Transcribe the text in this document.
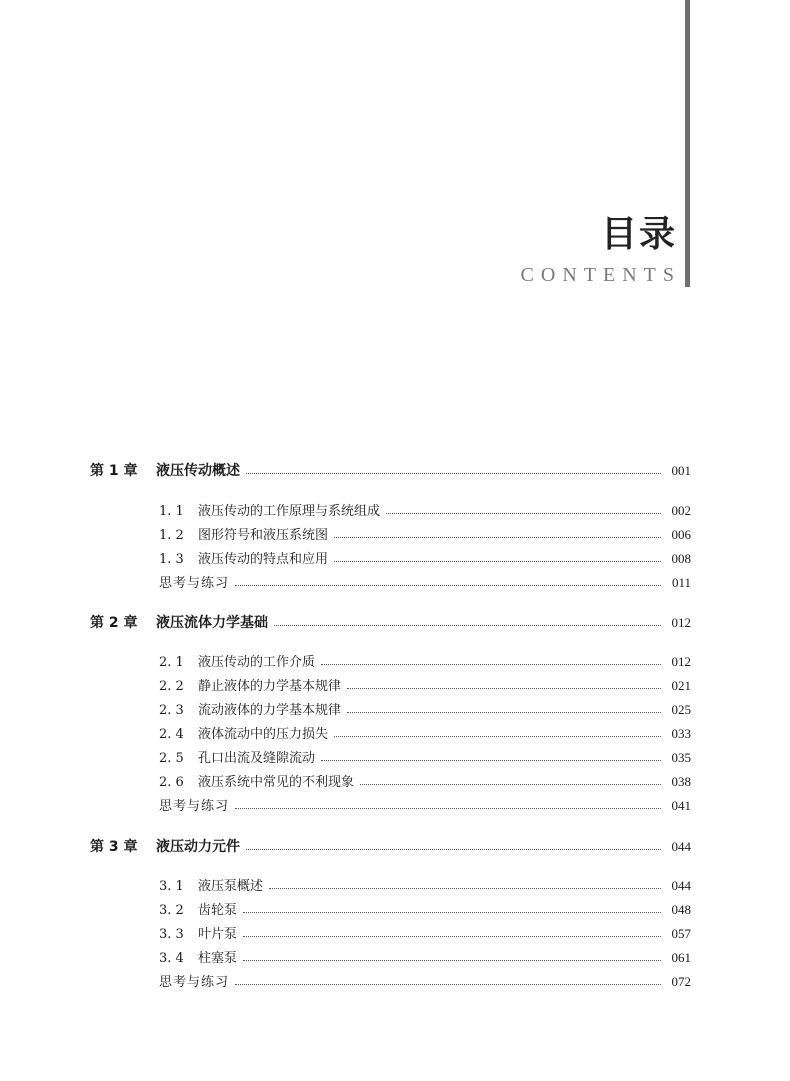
目录
CONTENTS
第 1 章	液压传动概述	001
1. 1	液压传动的工作原理与系统组成	002
1. 2	图形符号和液压系统图	006
1. 3	液压传动的特点和应用	008
思考与练习	011
第 2 章	液压流体力学基础	012
2. 1	液压传动的工作介质	012
2. 2	静止液体的力学基本规律	021
2. 3	流动液体的力学基本规律	025
2. 4	液体流动中的压力损失	033
2. 5	孔口出流及缝隙流动	035
2. 6	液压系统中常见的不利现象	038
思考与练习	041
第 3 章	液压动力元件	044
3. 1	液压泵概述	044
3. 2	齿轮泵	048
3. 3	叶片泵	057
3. 4	柱塞泵	061
思考与练习	072
